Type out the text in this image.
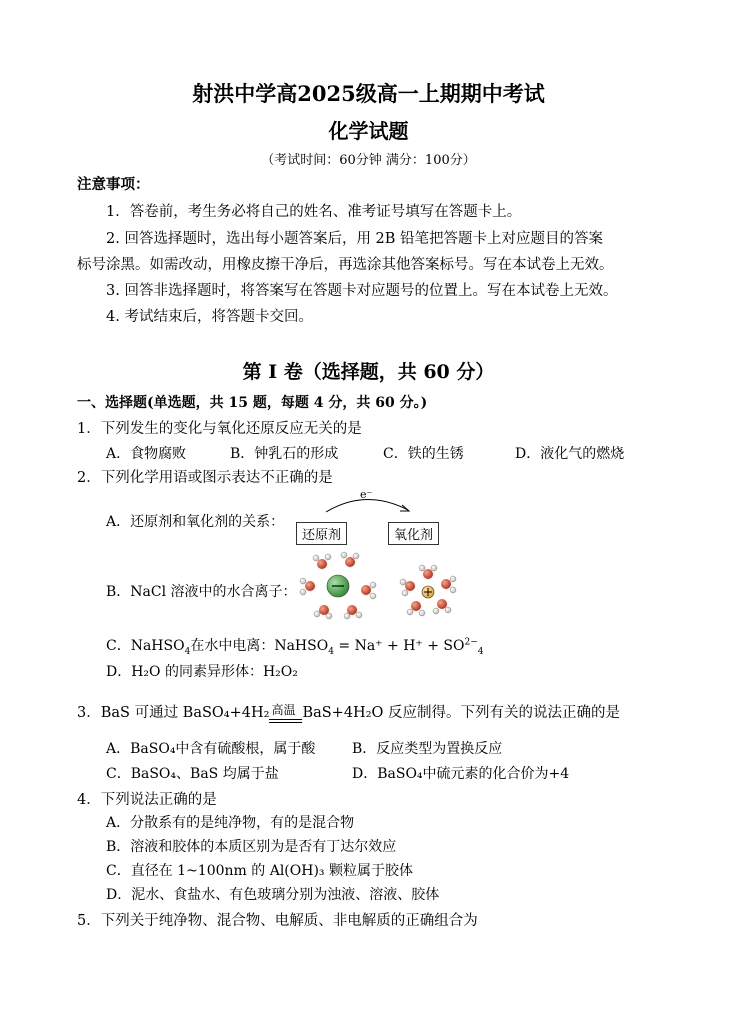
射洪中学高2025级高一上期期中考试
化学试题
（考试时间：60分钟 满分：100分）
注意事项：
1．答卷前，考生务必将自己的姓名、准考证号填写在答题卡上。
2. 回答选择题时，选出每小题答案后，用 2B 铅笔把答题卡上对应题目的答案
标号涂黑。如需改动，用橡皮擦干净后，再选涂其他答案标号。写在本试卷上无效。
3. 回答非选择题时，将答案写在答题卡对应题号的位置上。写在本试卷上无效。
4. 考试结束后，将答题卡交回。
第 I 卷（选择题，共 60 分）
一、选择题(单选题，共 15 题，每题 4 分，共 60 分。)
1．下列发生的变化与氧化还原反应无关的是
A．食物腐败	B．钟乳石的形成	C．铁的生锈	D．液化气的燃烧
2．下列化学用语或图示表达不正确的是
A．还原剂和氧化剂的关系：
e⁻
还原剂	氧化剂
B．NaCl 溶液中的水合离子：
C．NaHSO$_4$在水中电离：NaHSO$_4$ = $Na^+ + H^+ + SO^{2-}_4$
D．H₂O 的同素异形体：H₂O₂
3．BaS 可通过 BaSO₄+4H₂ 高温 BaS+4H₂O 反应制得。下列有关的说法正确的是
A．BaSO₄中含有硫酸根，属于酸	B．反应类型为置换反应
C．BaSO₄、BaS 均属于盐	D．BaSO₄中硫元素的化合价为+4
4．下列说法正确的是
A．分散系有的是纯净物，有的是混合物
B．溶液和胶体的本质区别为是否有丁达尔效应
C．直径在 1~100nm 的 Al(OH)₃ 颗粒属于胶体
D．泥水、食盐水、有色玻璃分别为浊液、溶液、胶体
5．下列关于纯净物、混合物、电解质、非电解质的正确组合为
